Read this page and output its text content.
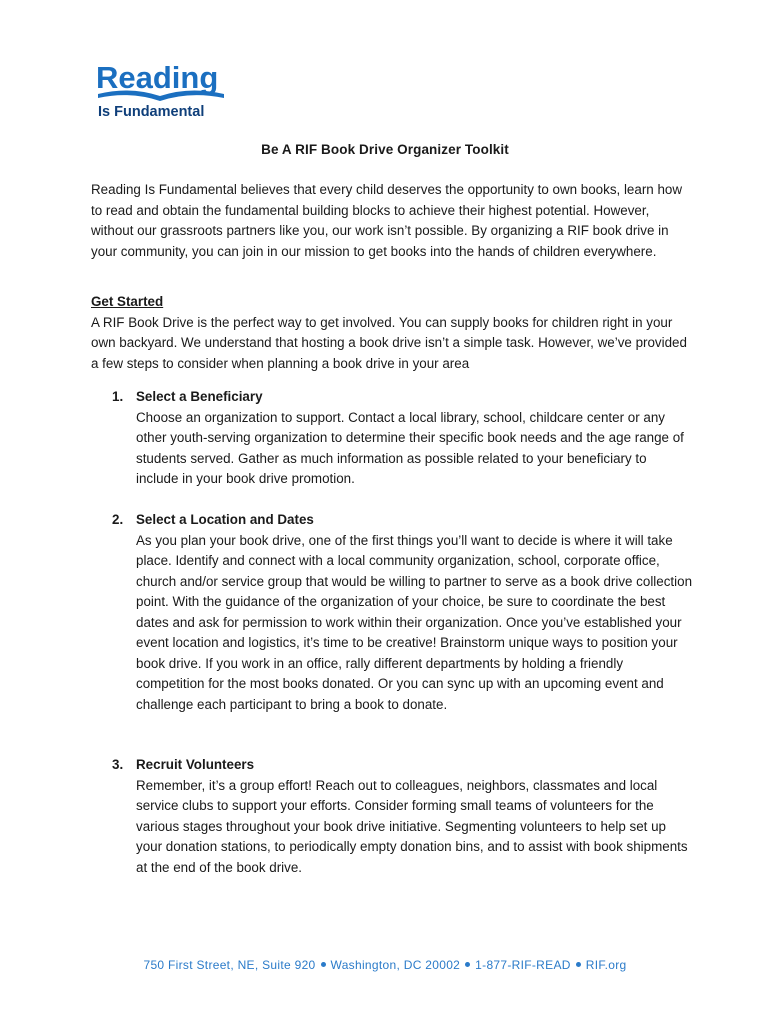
Reading
Is Fundamental
Be A RIF Book Drive Organizer Toolkit
Reading Is Fundamental believes that every child deserves the opportunity to own books, learn how to read and obtain the fundamental building blocks to achieve their highest potential. However, without our grassroots partners like you, our work isn’t possible. By organizing a RIF book drive in your community, you can join in our mission to get books into the hands of children everywhere.
Get Started
A RIF Book Drive is the perfect way to get involved. You can supply books for children right in your own backyard. We understand that hosting a book drive isn’t a simple task. However, we’ve provided a few steps to consider when planning a book drive in your area
1. Select a Beneficiary
Choose an organization to support. Contact a local library, school, childcare center or any other youth-serving organization to determine their specific book needs and the age range of students served. Gather as much information as possible related to your beneficiary to include in your book drive promotion.
2. Select a Location and Dates
As you plan your book drive, one of the first things you’ll want to decide is where it will take place. Identify and connect with a local community organization, school, corporate office, church and/or service group that would be willing to partner to serve as a book drive collection point. With the guidance of the organization of your choice, be sure to coordinate the best dates and ask for permission to work within their organization. Once you’ve established your event location and logistics, it’s time to be creative! Brainstorm unique ways to position your book drive. If you work in an office, rally different departments by holding a friendly competition for the most books donated. Or you can sync up with an upcoming event and challenge each participant to bring a book to donate.
3. Recruit Volunteers
Remember, it’s a group effort! Reach out to colleagues, neighbors, classmates and local service clubs to support your efforts. Consider forming small teams of volunteers for the various stages throughout your book drive initiative. Segmenting volunteers to help set up your donation stations, to periodically empty donation bins, and to assist with book shipments at the end of the book drive.
750 First Street, NE, Suite 920 Washington, DC 20002 1-877-RIF-READ RIF.org
